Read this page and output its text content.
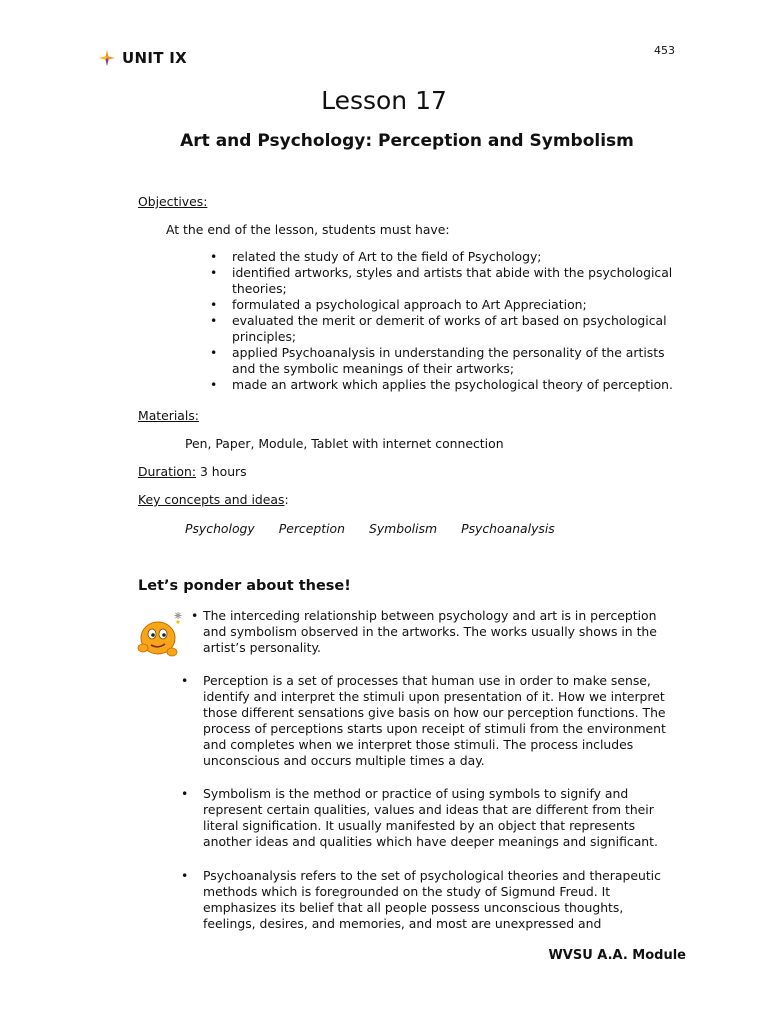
453
UNIT IX
Lesson 17
Art and Psychology: Perception and Symbolism
Objectives:
At the end of the lesson, students must have:
• related the study of Art to the field of Psychology;
• identified artworks, styles and artists that abide with the psychological theories;
• formulated a psychological approach to Art Appreciation;
• evaluated the merit or demerit of works of art based on psychological principles;
• applied Psychoanalysis in understanding the personality of the artists and the symbolic meanings of their artworks;
• made an artwork which applies the psychological theory of perception.
Materials:
Pen, Paper, Module, Tablet with internet connection
Duration: 3 hours
Key concepts and ideas:
Psychology Perception Symbolism Psychoanalysis
Let’s ponder about these!
• The interceding relationship between psychology and art is in perception and symbolism observed in the artworks. The works usually shows in the artist’s personality.
• Perception is a set of processes that human use in order to make sense, identify and interpret the stimuli upon presentation of it. How we interpret those different sensations give basis on how our perception functions. The process of perceptions starts upon receipt of stimuli from the environment and completes when we interpret those stimuli. The process includes unconscious and occurs multiple times a day.
• Symbolism is the method or practice of using symbols to signify and represent certain qualities, values and ideas that are different from their literal signification. It usually manifested by an object that represents another ideas and qualities which have deeper meanings and significant.
• Psychoanalysis refers to the set of psychological theories and therapeutic methods which is foregrounded on the study of Sigmund Freud. It emphasizes its belief that all people possess unconscious thoughts, feelings, desires, and memories, and most are unexpressed and
WVSU A.A. Module
